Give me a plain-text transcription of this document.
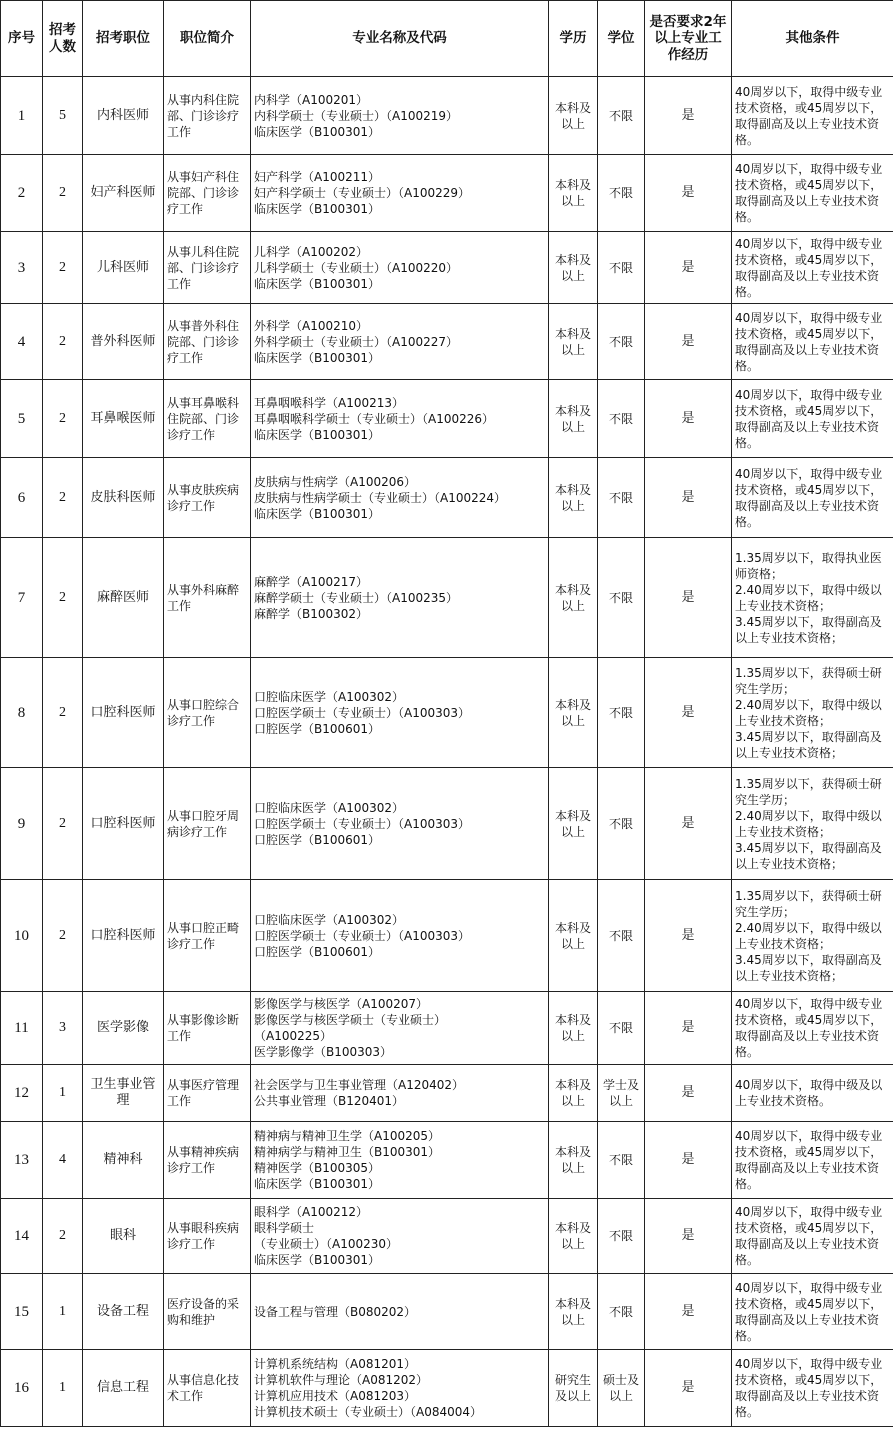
序号	招考人数	招考职位	职位简介	专业名称及代码	学历	学位	是否要求2年以上专业工作经历	其他条件
1	5	内科医师	从事内科住院部、门诊诊疗工作	内科学（A100201）
内科学硕士（专业硕士）（A100219）
临床医学（B100301）	本科及以上	不限	是	40周岁以下，取得中级专业技术资格，或45周岁以下，取得副高及以上专业技术资格。
2	2	妇产科医师	从事妇产科住院部、门诊诊疗工作	妇产科学（A100211）
妇产科学硕士（专业硕士）（A100229）
临床医学（B100301）	本科及以上	不限	是	40周岁以下，取得中级专业技术资格，或45周岁以下，取得副高及以上专业技术资格。
3	2	儿科医师	从事儿科住院部、门诊诊疗工作	儿科学（A100202）
儿科学硕士（专业硕士）（A100220）
临床医学（B100301）	本科及以上	不限	是	40周岁以下，取得中级专业技术资格，或45周岁以下，取得副高及以上专业技术资格。
4	2	普外科医师	从事普外科住院部、门诊诊疗工作	外科学（A100210）
外科学硕士（专业硕士）（A100227）
临床医学（B100301）	本科及以上	不限	是	40周岁以下，取得中级专业技术资格，或45周岁以下，取得副高及以上专业技术资格。
5	2	耳鼻喉医师	从事耳鼻喉科住院部、门诊诊疗工作	耳鼻咽喉科学（A100213）
耳鼻咽喉科学硕士（专业硕士）（A100226）
临床医学（B100301）	本科及以上	不限	是	40周岁以下，取得中级专业技术资格，或45周岁以下，取得副高及以上专业技术资格。
6	2	皮肤科医师	从事皮肤疾病诊疗工作	皮肤病与性病学（A100206）
皮肤病与性病学硕士（专业硕士）（A100224）
临床医学（B100301）	本科及以上	不限	是	40周岁以下，取得中级专业技术资格，或45周岁以下，取得副高及以上专业技术资格。
7	2	麻醉医师	从事外科麻醉工作	麻醉学（A100217）
麻醉学硕士（专业硕士）（A100235）
麻醉学（B100302）	本科及以上	不限	是	1.35周岁以下，取得执业医师资格；
2.40周岁以下，取得中级以上专业技术资格；
3.45周岁以下，取得副高及以上专业技术资格；
8	2	口腔科医师	从事口腔综合诊疗工作	口腔临床医学（A100302）
口腔医学硕士（专业硕士）（A100303）
口腔医学（B100601）	本科及以上	不限	是	1.35周岁以下，获得硕士研究生学历；
2.40周岁以下，取得中级以上专业技术资格；
3.45周岁以下，取得副高及以上专业技术资格；
9	2	口腔科医师	从事口腔牙周病诊疗工作	口腔临床医学（A100302）
口腔医学硕士（专业硕士）（A100303）
口腔医学（B100601）	本科及以上	不限	是	1.35周岁以下，获得硕士研究生学历；
2.40周岁以下，取得中级以上专业技术资格；
3.45周岁以下，取得副高及以上专业技术资格；
10	2	口腔科医师	从事口腔正畸诊疗工作	口腔临床医学（A100302）
口腔医学硕士（专业硕士）（A100303）
口腔医学（B100601）	本科及以上	不限	是	1.35周岁以下，获得硕士研究生学历；
2.40周岁以下，取得中级以上专业技术资格；
3.45周岁以下，取得副高及以上专业技术资格；
11	3	医学影像	从事影像诊断工作	影像医学与核医学（A100207）
影像医学与核医学硕士（专业硕士）
（A100225）
医学影像学（B100303）	本科及以上	不限	是	40周岁以下，取得中级专业技术资格，或45周岁以下，取得副高及以上专业技术资格。
12	1	卫生事业管理	从事医疗管理工作	社会医学与卫生事业管理（A120402）
公共事业管理（B120401）	本科及以上	学士及以上	是	40周岁以下，取得中级及以上专业技术资格。
13	4	精神科	从事精神疾病诊疗工作	精神病与精神卫生学（A100205）
精神病学与精神卫生（B100301）
精神医学（B100305）
临床医学（B100301）	本科及以上	不限	是	40周岁以下，取得中级专业技术资格，或45周岁以下，取得副高及以上专业技术资格。
14	2	眼科	从事眼科疾病诊疗工作	眼科学（A100212）
眼科学硕士
（专业硕士）（A100230）
临床医学（B100301）	本科及以上	不限	是	40周岁以下，取得中级专业技术资格，或45周岁以下，取得副高及以上专业技术资格。
15	1	设备工程	医疗设备的采购和维护	设备工程与管理（B080202）	本科及以上	不限	是	40周岁以下，取得中级专业技术资格，或45周岁以下，取得副高及以上专业技术资格。
16	1	信息工程	从事信息化技术工作	计算机系统结构（A081201）
计算机软件与理论（A081202）
计算机应用技术（A081203）
计算机技术硕士（专业硕士）（A084004）	研究生及以上	硕士及以上	是	40周岁以下，取得中级专业技术资格，或45周岁以下，取得副高及以上专业技术资格。
